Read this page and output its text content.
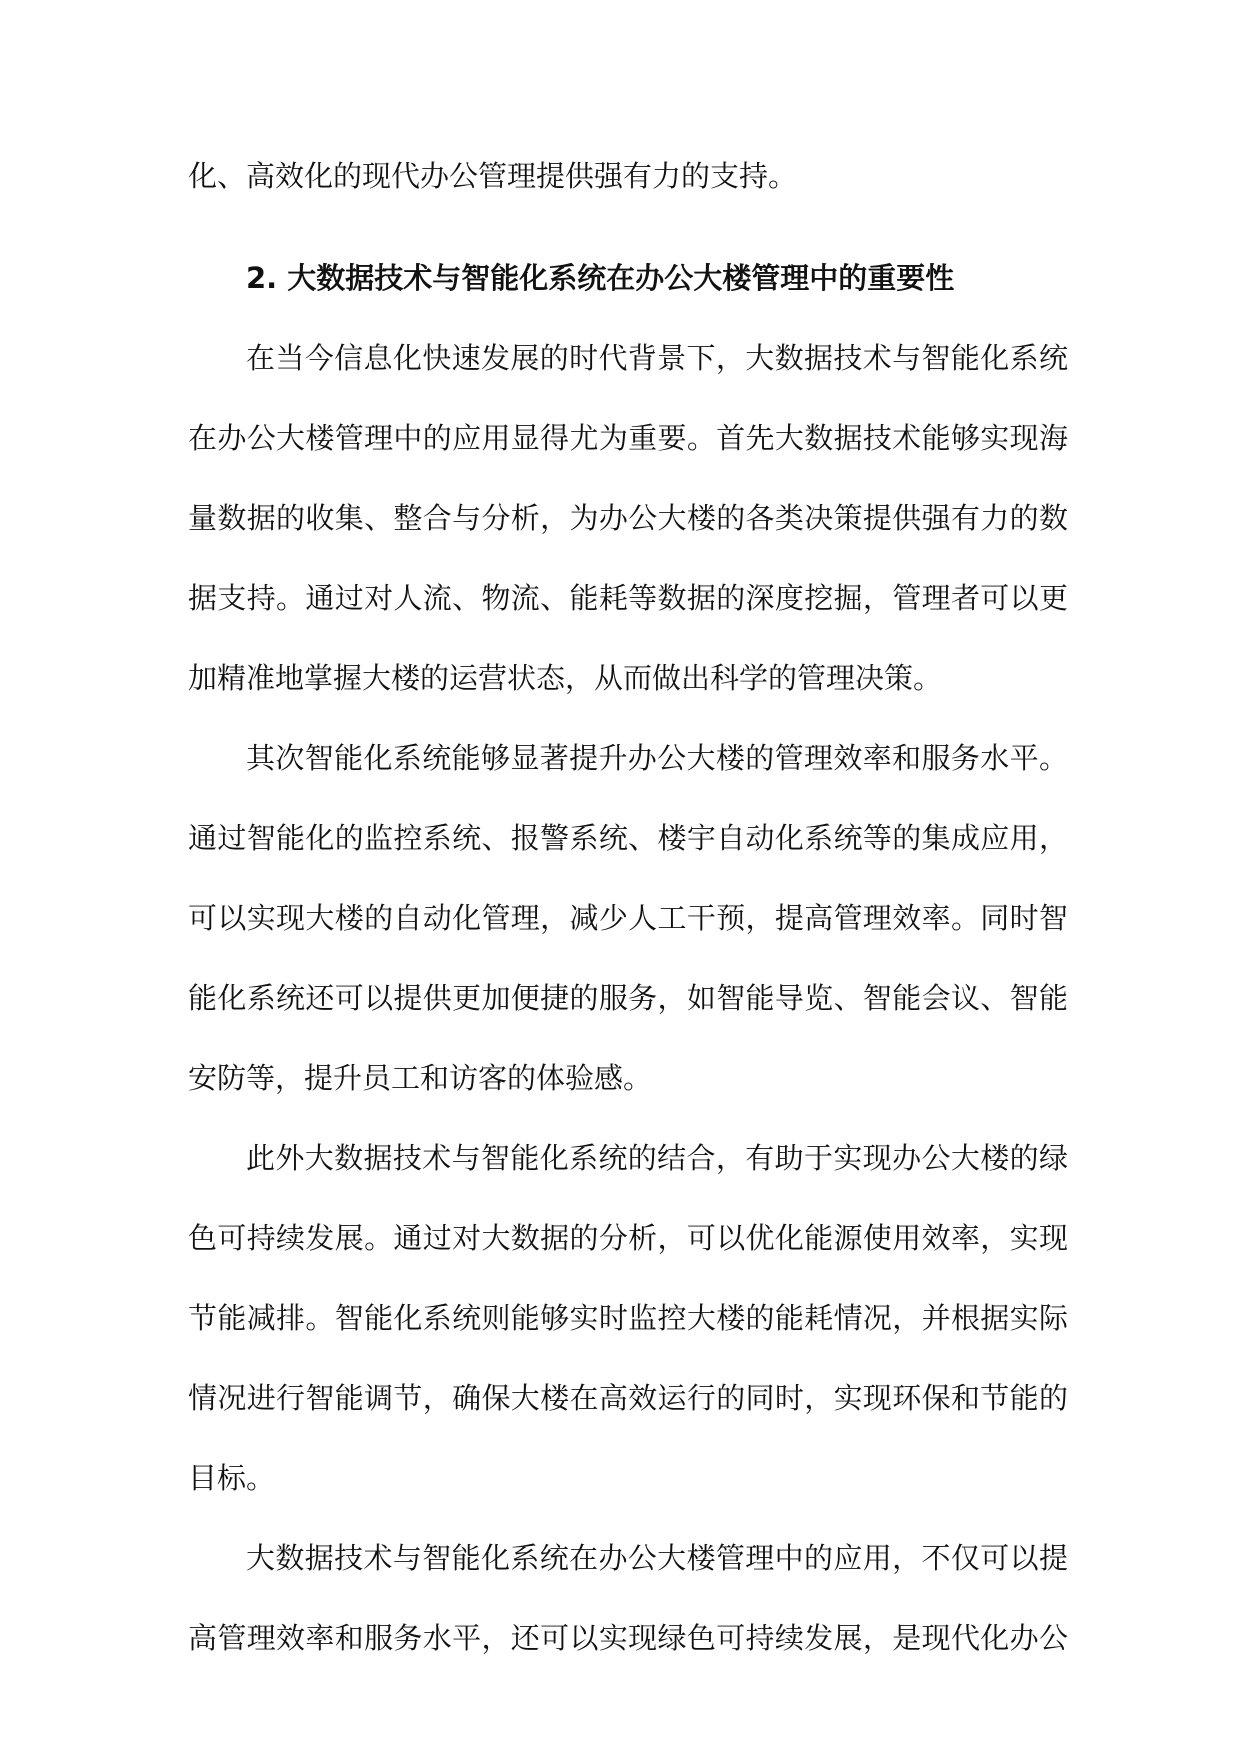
化、高效化的现代办公管理提供强有力的支持。
2. 大数据技术与智能化系统在办公大楼管理中的重要性
在当今信息化快速发展的时代背景下，大数据技术与智能化系统
在办公大楼管理中的应用显得尤为重要。首先大数据技术能够实现海
量数据的收集、整合与分析，为办公大楼的各类决策提供强有力的数
据支持。通过对人流、物流、能耗等数据的深度挖掘，管理者可以更
加精准地掌握大楼的运营状态，从而做出科学的管理决策。
其次智能化系统能够显著提升办公大楼的管理效率和服务水平。
通过智能化的监控系统、报警系统、楼宇自动化系统等的集成应用，
可以实现大楼的自动化管理，减少人工干预，提高管理效率。同时智
能化系统还可以提供更加便捷的服务，如智能导览、智能会议、智能
安防等，提升员工和访客的体验感。
此外大数据技术与智能化系统的结合，有助于实现办公大楼的绿
色可持续发展。通过对大数据的分析，可以优化能源使用效率，实现
节能减排。智能化系统则能够实时监控大楼的能耗情况，并根据实际
情况进行智能调节，确保大楼在高效运行的同时，实现环保和节能的
目标。
大数据技术与智能化系统在办公大楼管理中的应用，不仅可以提
高管理效率和服务水平，还可以实现绿色可持续发展，是现代化办公
